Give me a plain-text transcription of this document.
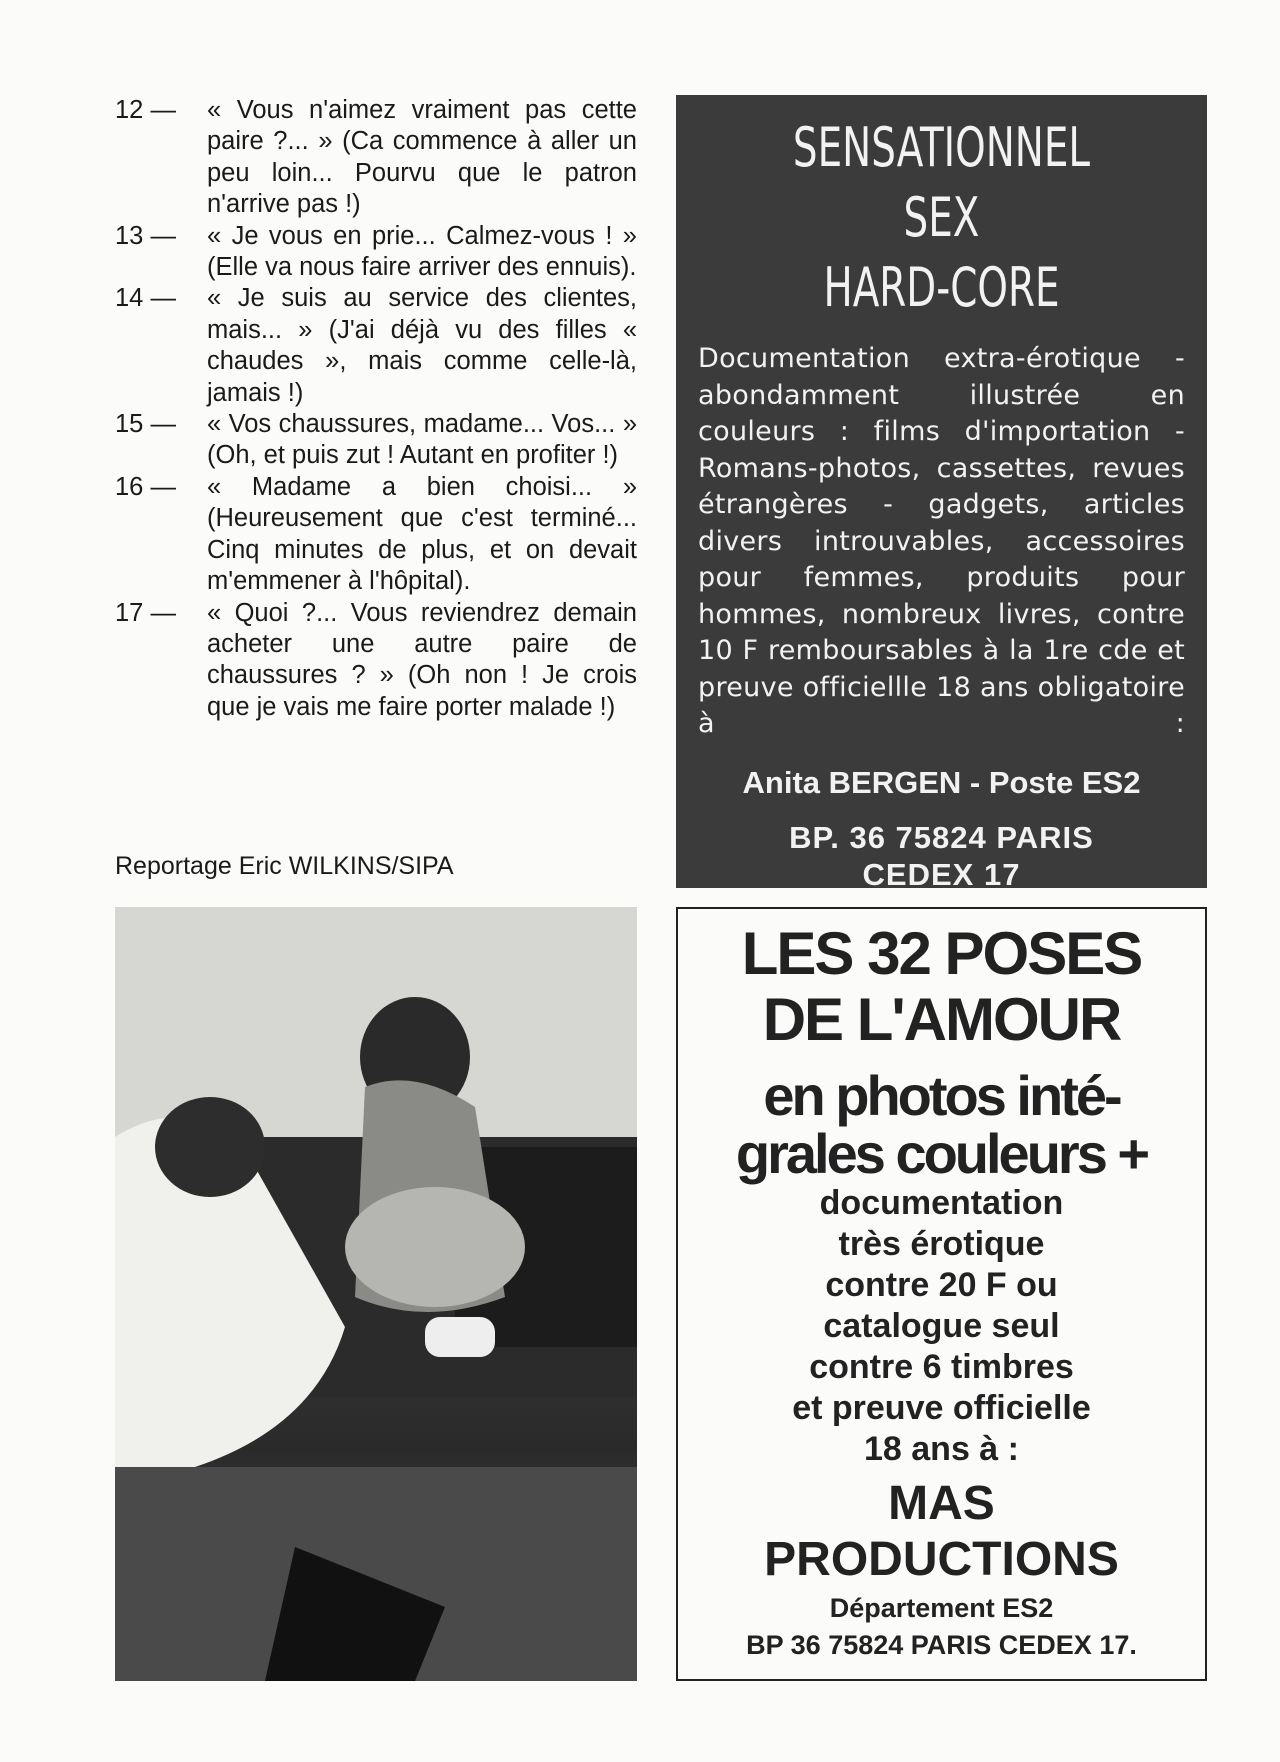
12 —	« Vous n'aimez vraiment pas cette paire ?... » (Ca commence à aller un peu loin... Pourvu que le patron n'arrive pas !)
13 —	« Je vous en prie... Calmez-vous ! » (Elle va nous faire arriver des ennuis).
14 —	« Je suis au service des clientes, mais... » (J'ai déjà vu des filles « chaudes », mais comme celle-là, jamais !)
15 —	« Vos chaussures, madame... Vos... » (Oh, et puis zut ! Autant en profiter !)
16 —	« Madame a bien choisi... » (Heureusement que c'est terminé... Cinq minutes de plus, et on devait m'emmener à l'hôpital).
17 —	« Quoi ?... Vous reviendrez demain acheter une autre paire de chaussures ? » (Oh non ! Je crois que je vais me faire porter malade !)
Reportage Eric WILKINS/SIPA
SENSATIONNEL
SEX
HARD-CORE
Documentation extra-érotique - abondamment illustrée en couleurs : films d'importation - Romans-photos, cassettes, revues étrangères - gadgets, articles divers introuvables, accessoires pour femmes, produits pour hommes, nombreux livres, contre 10 F remboursables à la 1re cde et preuve officiellle 18 ans obligatoire à :
Anita BERGEN - Poste ES2
BP. 36 75824 PARIS
CEDEX 17
LES 32 POSES
DE L'AMOUR
en photos inté-
grales couleurs +
documentation
très érotique
contre 20 F ou
catalogue seul
contre 6 timbres
et preuve officielle
18 ans à :
MAS
PRODUCTIONS
Département ES2
BP 36 75824 PARIS CEDEX 17.
